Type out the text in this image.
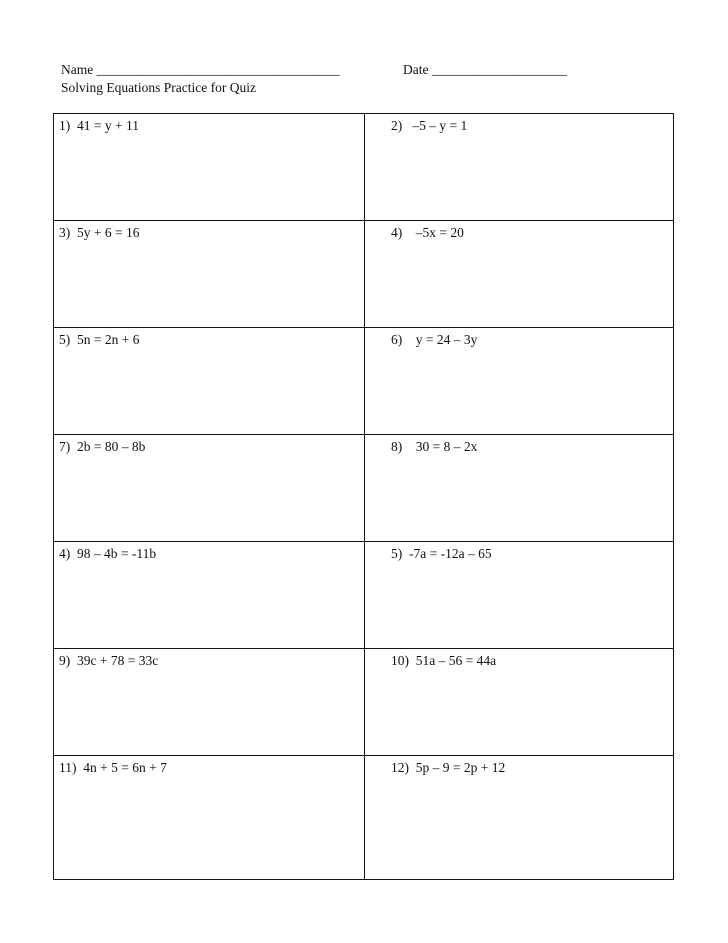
Name ____________________________________	Date ____________________
Solving Equations Practice for Quiz
1)  41 = y + 11	2)   –5 – y = 1
3)  5y + 6 = 16	4)    –5x = 20
5)  5n = 2n + 6	6)    y = 24 – 3y
7)  2b = 80 – 8b	8)    30 = 8 – 2x
4)  98 – 4b = -11b	5)  -7a = -12a – 65
9)  39c + 78 = 33c	10)  51a – 56 = 44a
11)  4n + 5 = 6n + 7	12)  5p – 9 = 2p + 12
